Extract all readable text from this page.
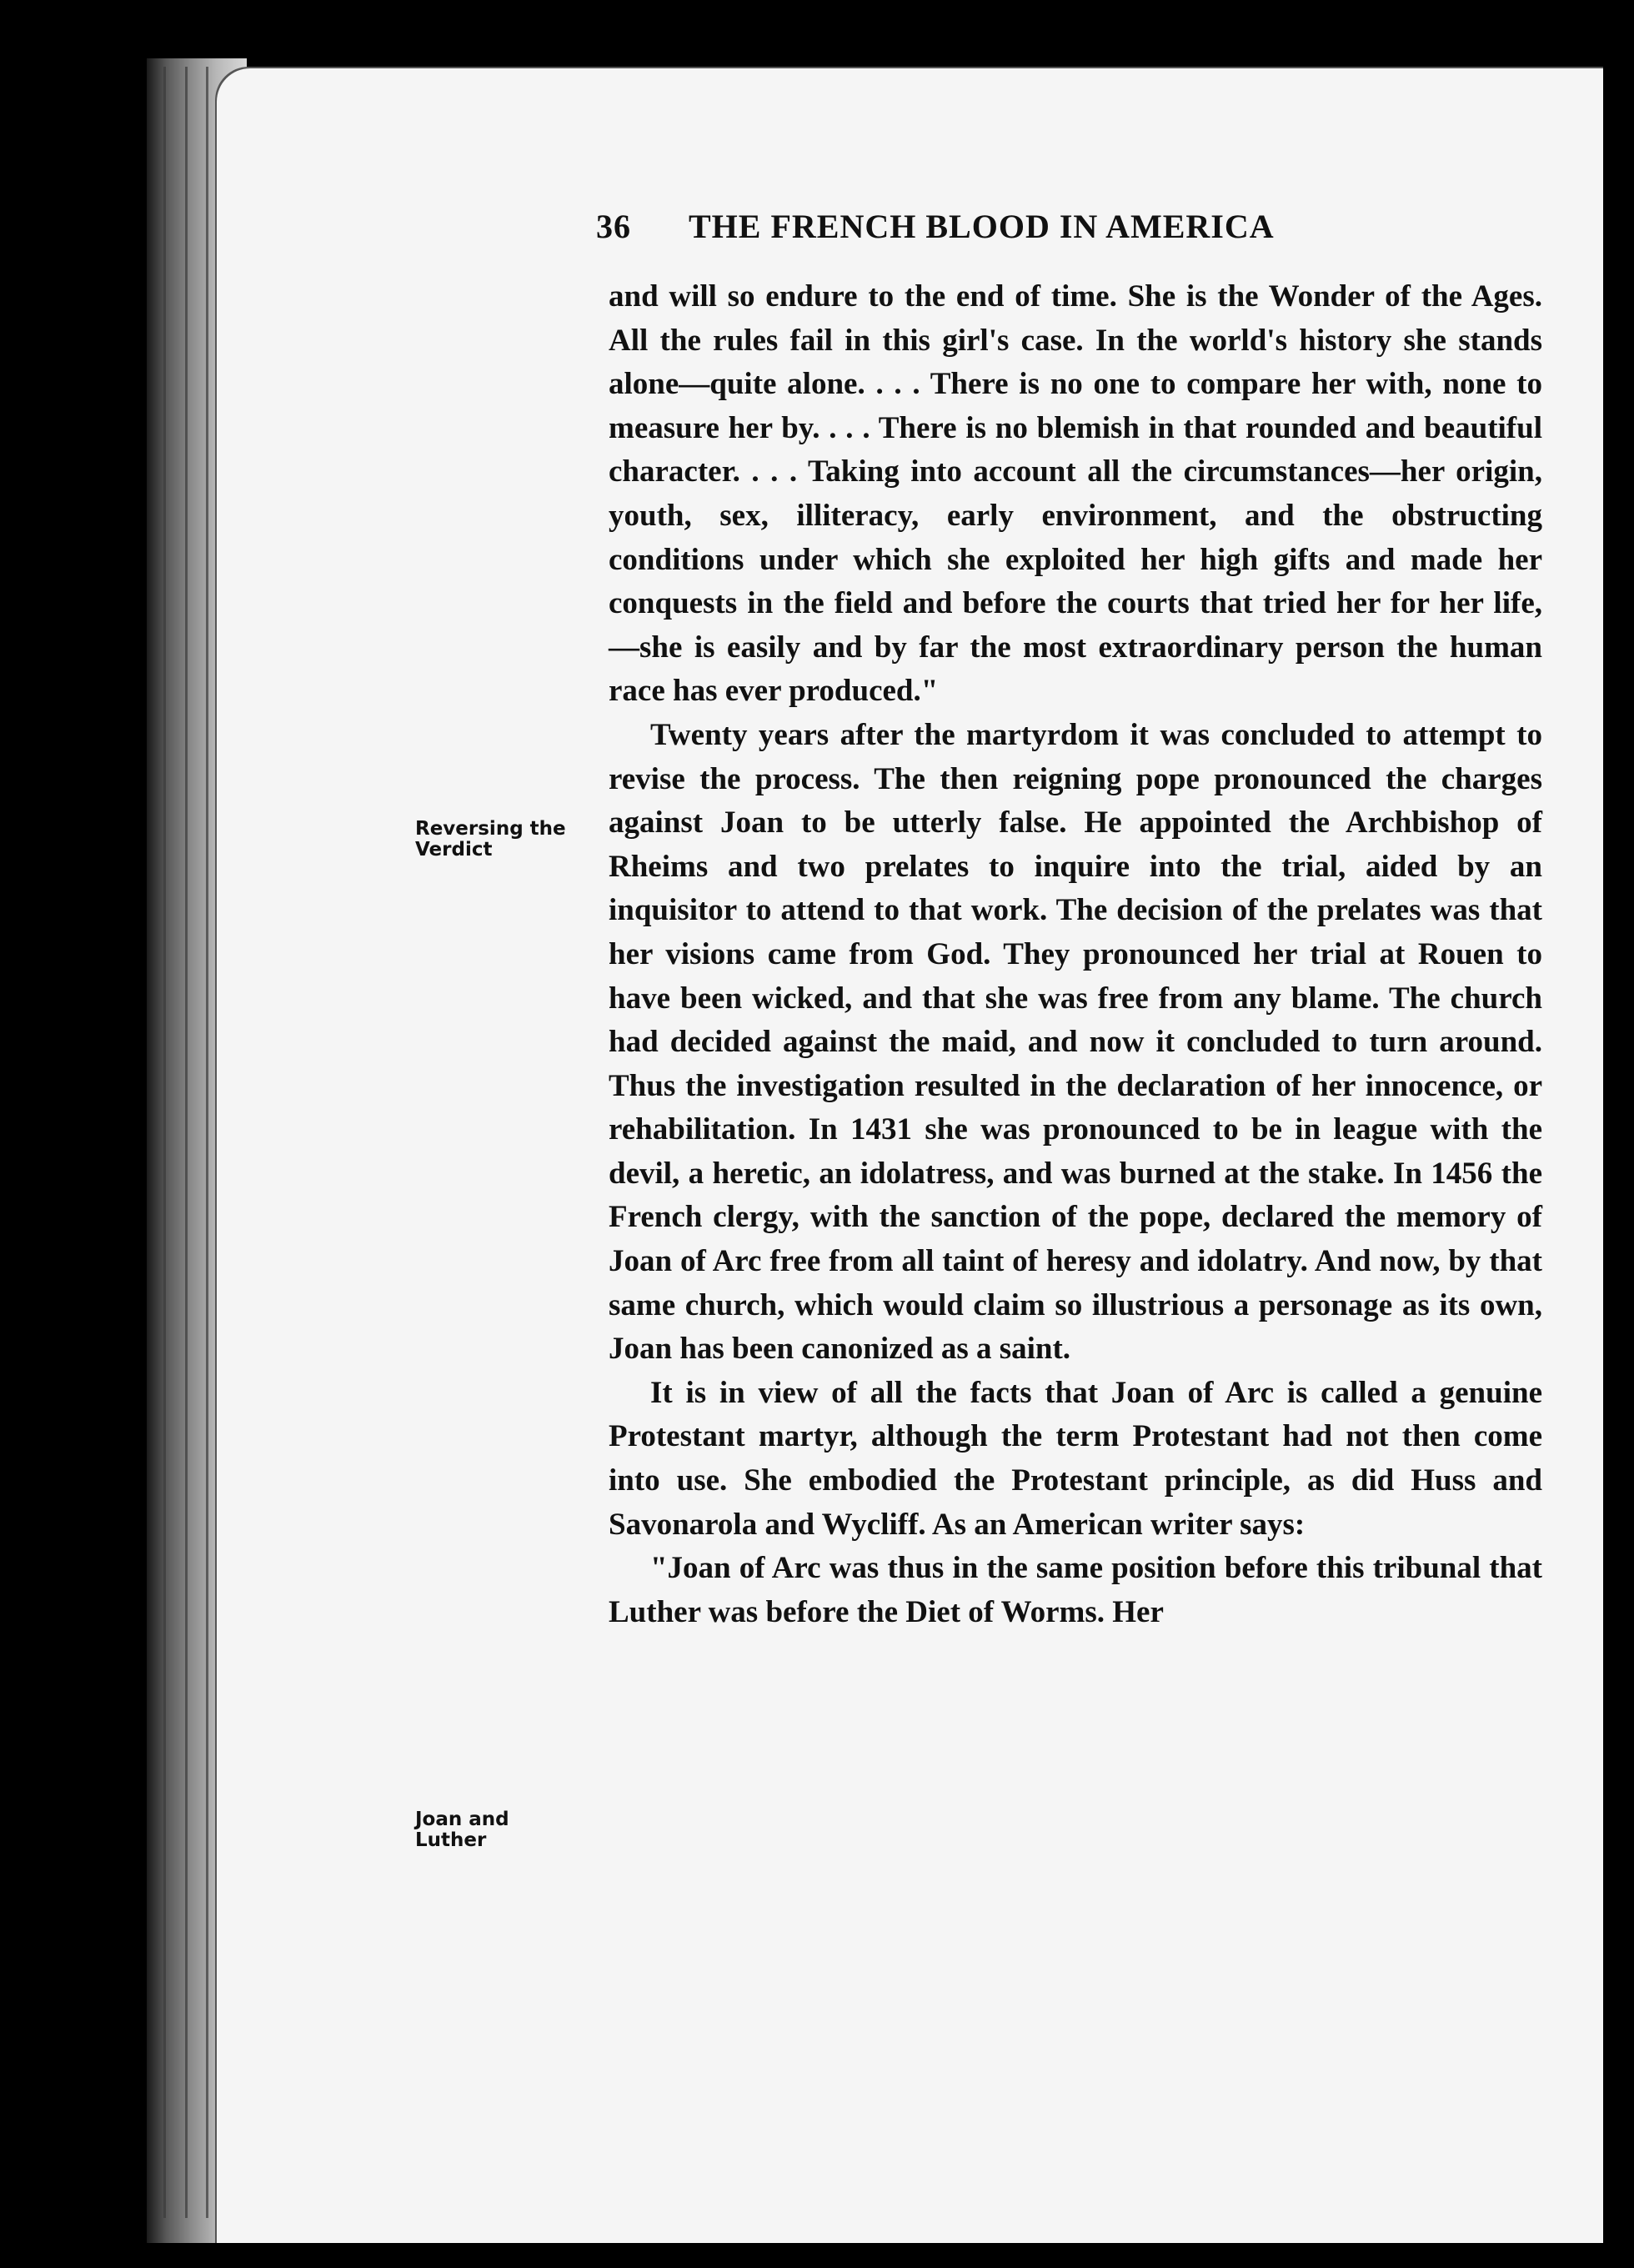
36 THE FRENCH BLOOD IN AMERICA
Reversing the
Verdict
Joan and
Luther

and will so endure to the end of time. She is the Wonder of the Ages. All the rules fail in this girl's case. In the world's history she stands alone—quite alone. . . . There is no one to compare her with, none to measure her by. . . . There is no blemish in that rounded and beautiful character. . . . Taking into account all the circumstances—her origin, youth, sex, illiteracy, early environment, and the obstructing conditions under which she exploited her high gifts and made her conquests in the field and before the courts that tried her for her life, —she is easily and by far the most extraordinary person the human race has ever produced."

Twenty years after the martyrdom it was concluded to attempt to revise the process. The then reigning pope pronounced the charges against Joan to be utterly false. He appointed the Archbishop of Rheims and two prelates to inquire into the trial, aided by an inquisitor to attend to that work. The decision of the prelates was that her visions came from God. They pronounced her trial at Rouen to have been wicked, and that she was free from any blame. The church had decided against the maid, and now it concluded to turn around. Thus the investigation resulted in the declaration of her innocence, or rehabilitation. In 1431 she was pronounced to be in league with the devil, a heretic, an idolatress, and was burned at the stake. In 1456 the French clergy, with the sanction of the pope, declared the memory of Joan of Arc free from all taint of heresy and idolatry. And now, by that same church, which would claim so illustrious a personage as its own, Joan has been canonized as a saint.

It is in view of all the facts that Joan of Arc is called a genuine Protestant martyr, although the term Protestant had not then come into use. She embodied the Protestant principle, as did Huss and Savonarola and Wycliff. As an American writer says:

"Joan of Arc was thus in the same position before this tribunal that Luther was before the Diet of Worms. Her
